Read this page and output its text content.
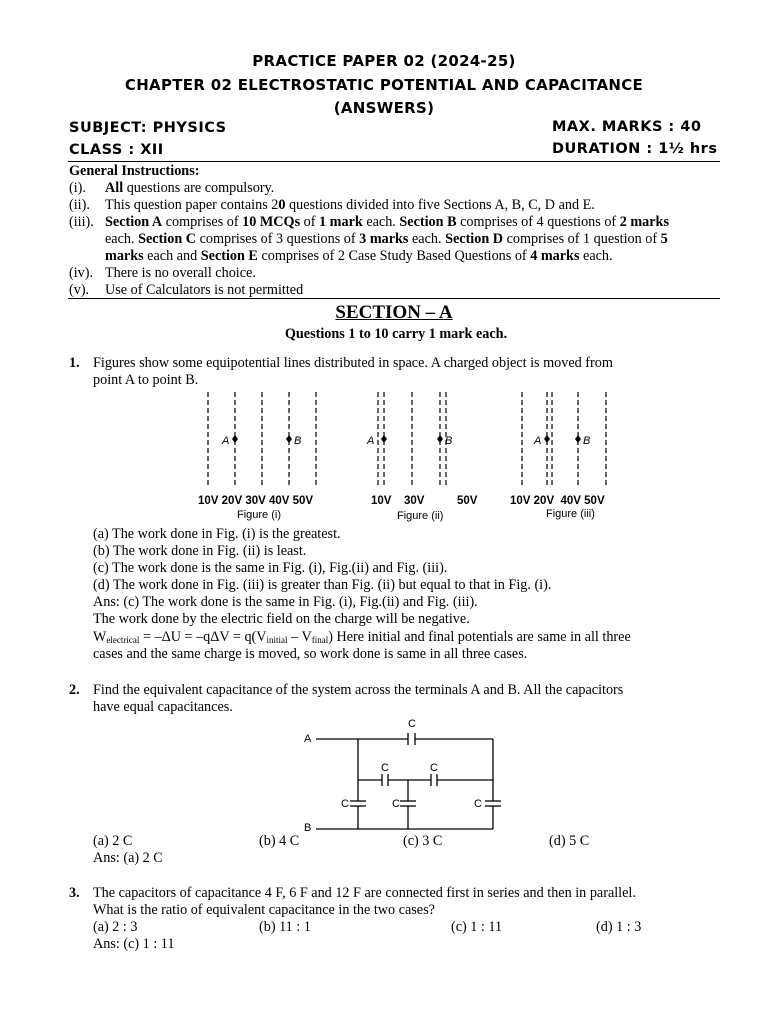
PRACTICE PAPER 02 (2024-25)
CHAPTER 02 ELECTROSTATIC POTENTIAL AND CAPACITANCE
(ANSWERS)
SUBJECT: PHYSICS
CLASS : XII
MAX. MARKS : 40
DURATION : 1½ hrs
General Instructions:
(i). All questions are compulsory.
(ii). This question paper contains 20 questions divided into five Sections A, B, C, D and E.
(iii). Section A comprises of 10 MCQs of 1 mark each. Section B comprises of 4 questions of 2 marks
each. Section C comprises of 3 questions of 3 marks each. Section D comprises of 1 question of 5
marks each and Section E comprises of 2 Case Study Based Questions of 4 marks each.
(iv). There is no overall choice.
(v). Use of Calculators is not permitted
SECTION – A
Questions 1 to 10 carry 1 mark each.
1. Figures show some equipotential lines distributed in space. A charged object is moved from
point A to point B.
A	B	A	B	A	B
10V 20V 30V 40V 50V	10V 30V	50V	10V 20V  40V 50V
Figure (i)	Figure (ii)	Figure (iii)
(a) The work done in Fig. (i) is the greatest.
(b) The work done in Fig. (ii) is least.
(c) The work done is the same in Fig. (i), Fig.(ii) and Fig. (iii).
(d) The work done in Fig. (iii) is greater than Fig. (ii) but equal to that in Fig. (i).
Ans: (c) The work done is the same in Fig. (i), Fig.(ii) and Fig. (iii).
The work done by the electric field on the charge will be negative.
$W_{electrical} = -\Delta U = -q\Delta V = q(V_{initial} - V_{final})$ Here initial and final potentials are same in all three
cases and the same charge is moved, so work done is same in all three cases.
2. Find the equivalent capacitance of the system across the terminals A and B. All the capacitors
have equal capacitances.
A
B
C
C	C
C	C	C
(a) 2 C	(b) 4 C	(c) 3 C	(d) 5 C
Ans: (a) 2 C
3. The capacitors of capacitance 4 F, 6 F and 12 F are connected first in series and then in parallel.
What is the ratio of equivalent capacitance in the two cases?
(a) 2 : 3	(b) 11 : 1	(c) 1 : 11	(d) 1 : 3
Ans: (c) 1 : 11
